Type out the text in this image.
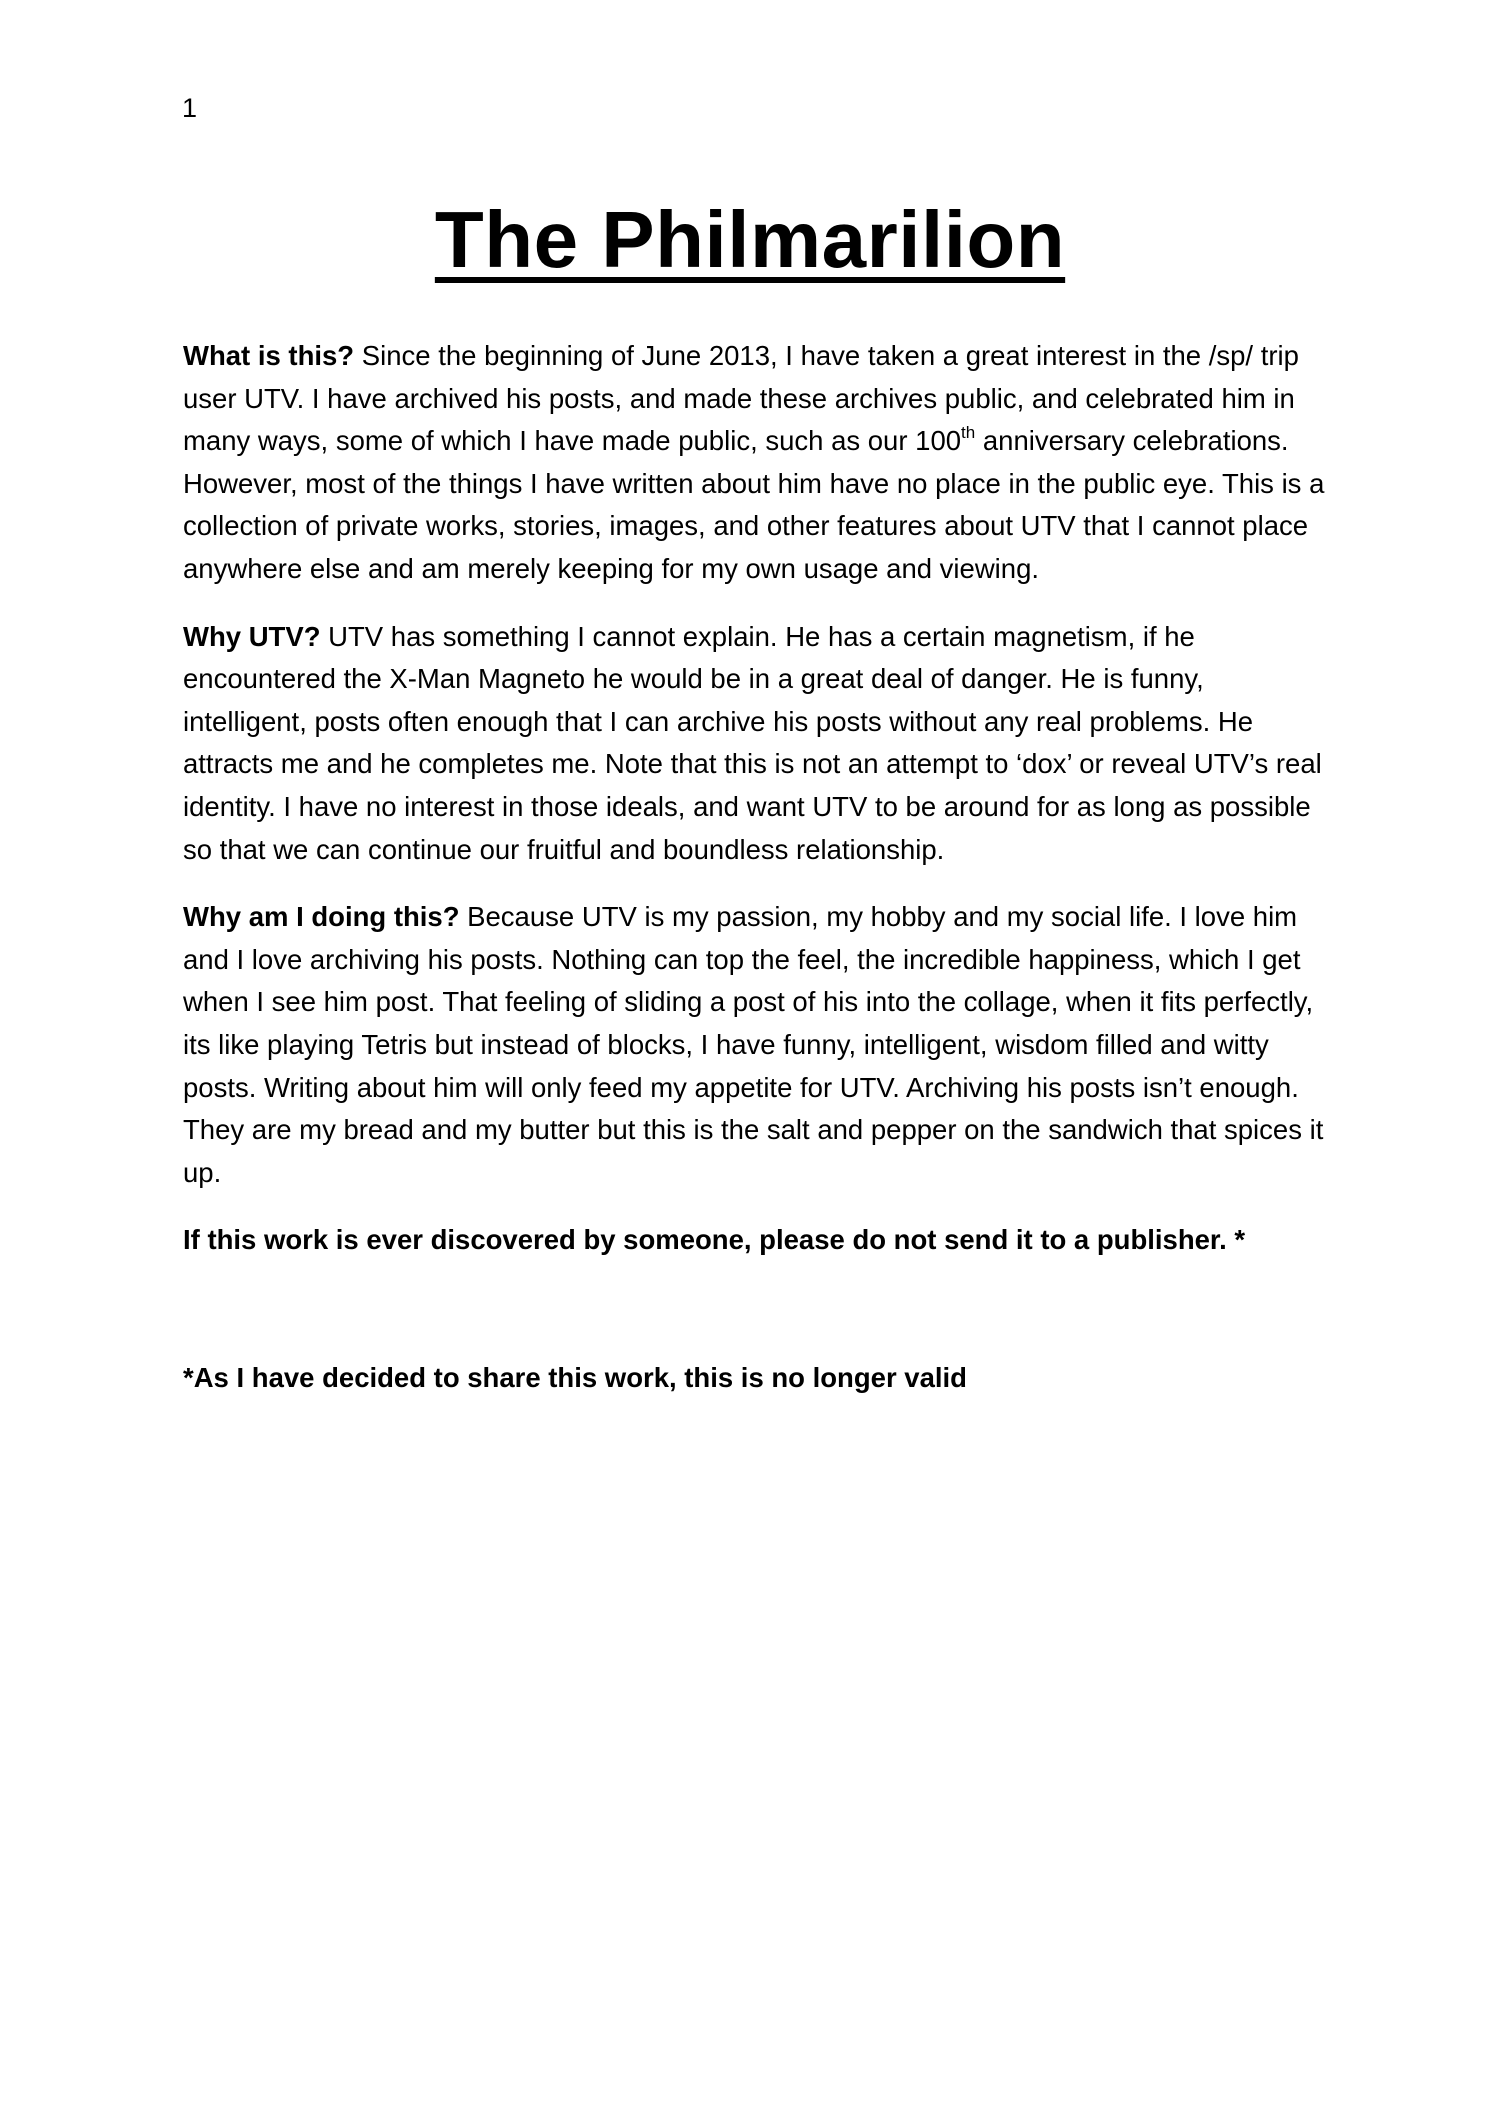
1
The Philmarilion

What is this? Since the beginning of June 2013, I have taken a great interest in the /sp/ trip user UTV. I have archived his posts, and made these archives public, and celebrated him in many ways, some of which I have made public, such as our 100th anniversary celebrations. However, most of the things I have written about him have no place in the public eye. This is a collection of private works, stories, images, and other features about UTV that I cannot place anywhere else and am merely keeping for my own usage and viewing.

Why UTV? UTV has something I cannot explain. He has a certain magnetism, if he encountered the X-Man Magneto he would be in a great deal of danger. He is funny, intelligent, posts often enough that I can archive his posts without any real problems. He attracts me and he completes me. Note that this is not an attempt to ‘dox’ or reveal UTV’s real identity. I have no interest in those ideals, and want UTV to be around for as long as possible so that we can continue our fruitful and boundless relationship.

Why am I doing this? Because UTV is my passion, my hobby and my social life. I love him and I love archiving his posts. Nothing can top the feel, the incredible happiness, which I get when I see him post. That feeling of sliding a post of his into the collage, when it fits perfectly, its like playing Tetris but instead of blocks, I have funny, intelligent, wisdom filled and witty posts. Writing about him will only feed my appetite for UTV. Archiving his posts isn’t enough. They are my bread and my butter but this is the salt and pepper on the sandwich that spices it up.

If this work is ever discovered by someone, please do not send it to a publisher. *

*As I have decided to share this work, this is no longer valid
